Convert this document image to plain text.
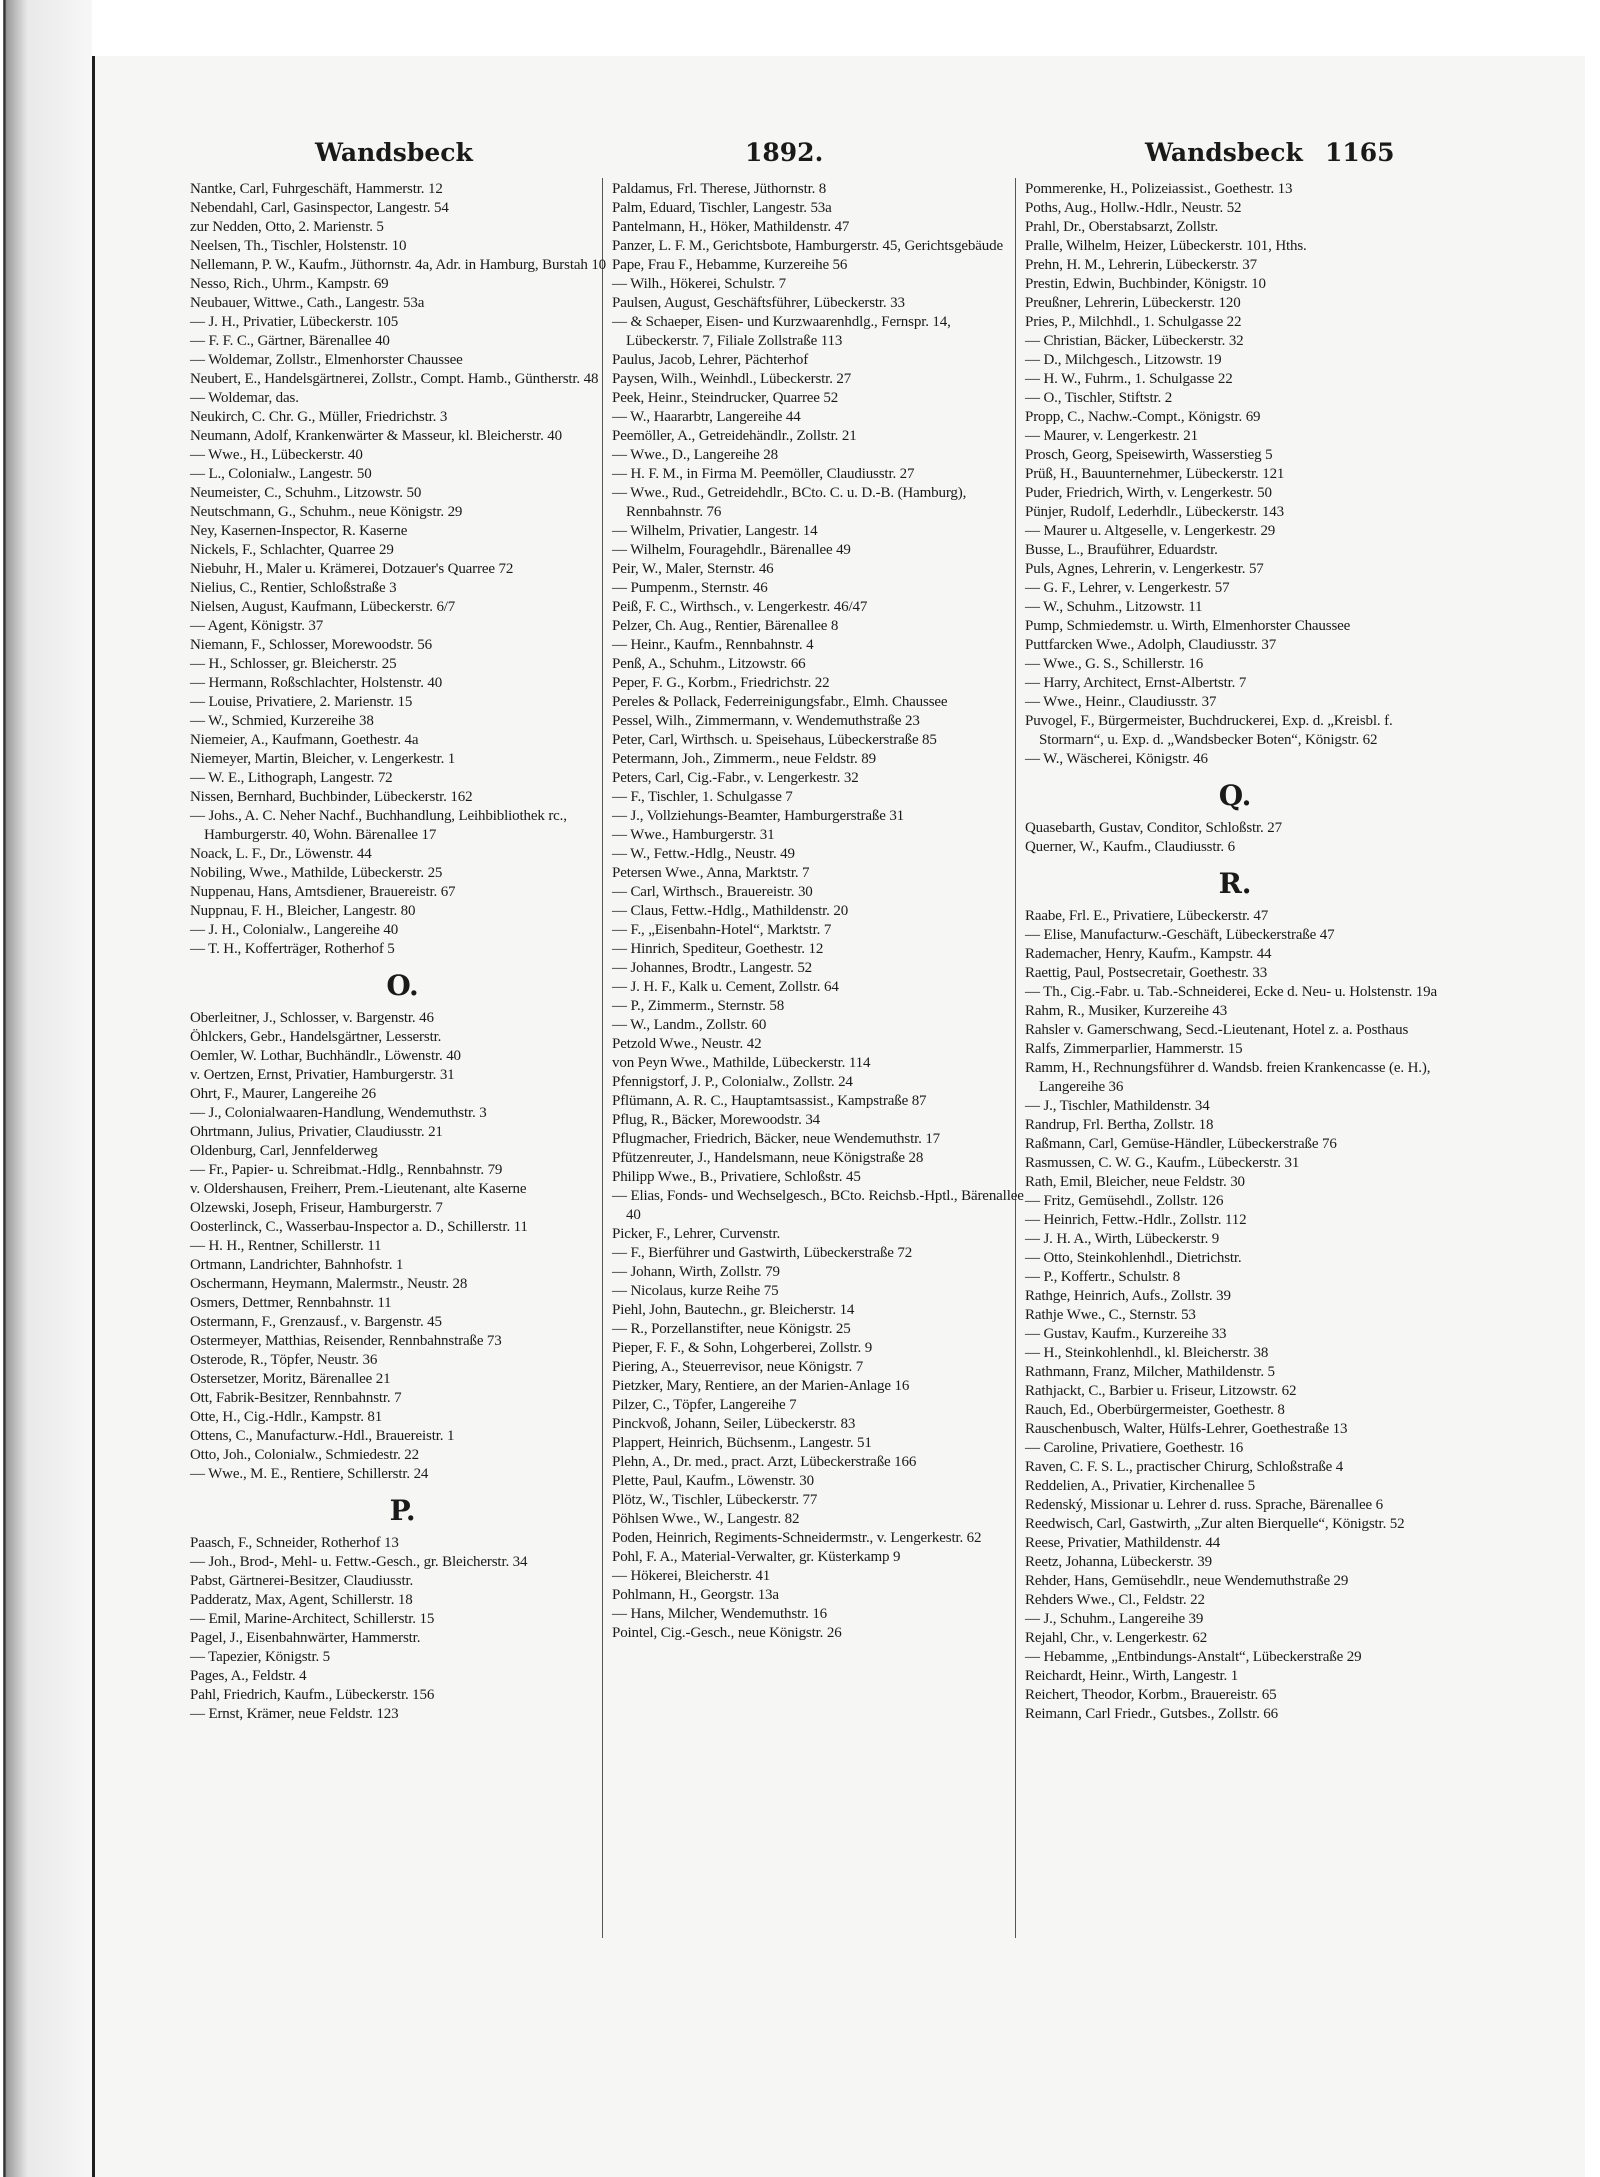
Wandsbeck	1892.	Wandsbeck 1165
Nantke, Carl, Fuhrgeschäft, Hammerstr. 12
Nebendahl, Carl, Gasinspector, Langestr. 54
zur Nedden, Otto, 2. Marienstr. 5
Neelsen, Th., Tischler, Holstenstr. 10
Nellemann, P. W., Kaufm., Jüthornstr. 4a, Adr. in Hamburg, Burstah 10
Nesso, Rich., Uhrm., Kampstr. 69
Neubauer, Wittwe., Cath., Langestr. 53a
— J. H., Privatier, Lübeckerstr. 105
— F. F. C., Gärtner, Bärenallee 40
— Woldemar, Zollstr., Elmenhorster Chaussee
Neubert, E., Handelsgärtnerei, Zollstr., Compt. Hamb., Güntherstr. 48
— Woldemar, das.
Neukirch, C. Chr. G., Müller, Friedrichstr. 3
Neumann, Adolf, Krankenwärter & Masseur, kl. Bleicherstr. 40
— Wwe., H., Lübeckerstr. 40
— L., Colonialw., Langestr. 50
Neumeister, C., Schuhm., Litzowstr. 50
Neutschmann, G., Schuhm., neue Königstr. 29
Ney, Kasernen-Inspector, R. Kaserne
Nickels, F., Schlachter, Quarree 29
Niebuhr, H., Maler u. Krämerei, Dotzauer's Quarree 72
Nielius, C., Rentier, Schloßstraße 3
Nielsen, August, Kaufmann, Lübeckerstr. 6/7
— Agent, Königstr. 37
Niemann, F., Schlosser, Morewoodstr. 56
— H., Schlosser, gr. Bleicherstr. 25
— Hermann, Roßschlachter, Holstenstr. 40
— Louise, Privatiere, 2. Marienstr. 15
— W., Schmied, Kurzereihe 38
Niemeier, A., Kaufmann, Goethestr. 4a
Niemeyer, Martin, Bleicher, v. Lengerkestr. 1
— W. E., Lithograph, Langestr. 72
Nissen, Bernhard, Buchbinder, Lübeckerstr. 162
— Johs., A. C. Neher Nachf., Buchhandlung, Leihbibliothek rc., Hamburgerstr. 40, Wohn. Bärenallee 17
Noack, L. F., Dr., Löwenstr. 44
Nobiling, Wwe., Mathilde, Lübeckerstr. 25
Nuppenau, Hans, Amtsdiener, Brauereistr. 67
Nuppnau, F. H., Bleicher, Langestr. 80
— J. H., Colonialw., Langereihe 40
— T. H., Kofferträger, Rotherhof 5
O.
Oberleitner, J., Schlosser, v. Bargenstr. 46
Öhlckers, Gebr., Handelsgärtner, Lesserstr.
Oemler, W. Lothar, Buchhändlr., Löwenstr. 40
v. Oertzen, Ernst, Privatier, Hamburgerstr. 31
Ohrt, F., Maurer, Langereihe 26
— J., Colonialwaaren-Handlung, Wendemuthstr. 3
Ohrtmann, Julius, Privatier, Claudiusstr. 21
Oldenburg, Carl, Jennfelderweg
— Fr., Papier- u. Schreibmat.-Hdlg., Rennbahnstr. 79
v. Oldershausen, Freiherr, Prem.-Lieutenant, alte Kaserne
Olzewski, Joseph, Friseur, Hamburgerstr. 7
Oosterlinck, C., Wasserbau-Inspector a. D., Schillerstr. 11
— H. H., Rentner, Schillerstr. 11
Ortmann, Landrichter, Bahnhofstr. 1
Oschermann, Heymann, Malermstr., Neustr. 28
Osmers, Dettmer, Rennbahnstr. 11
Ostermann, F., Grenzausf., v. Bargenstr. 45
Ostermeyer, Matthias, Reisender, Rennbahnstraße 73
Osterode, R., Töpfer, Neustr. 36
Ostersetzer, Moritz, Bärenallee 21
Ott, Fabrik-Besitzer, Rennbahnstr. 7
Otte, H., Cig.-Hdlr., Kampstr. 81
Ottens, C., Manufacturw.-Hdl., Brauereistr. 1
Otto, Joh., Colonialw., Schmiedestr. 22
— Wwe., M. E., Rentiere, Schillerstr. 24
P.
Paasch, F., Schneider, Rotherhof 13
— Joh., Brod-, Mehl- u. Fettw.-Gesch., gr. Bleicherstr. 34
Pabst, Gärtnerei-Besitzer, Claudiusstr.
Padderatz, Max, Agent, Schillerstr. 18
— Emil, Marine-Architect, Schillerstr. 15
Pagel, J., Eisenbahnwärter, Hammerstr.
— Tapezier, Königstr. 5
Pages, A., Feldstr. 4
Pahl, Friedrich, Kaufm., Lübeckerstr. 156
— Ernst, Krämer, neue Feldstr. 123
Paldamus, Frl. Therese, Jüthornstr. 8
Palm, Eduard, Tischler, Langestr. 53a
Pantelmann, H., Höker, Mathildenstr. 47
Panzer, L. F. M., Gerichtsbote, Hamburgerstr. 45, Gerichtsgebäude
Pape, Frau F., Hebamme, Kurzereihe 56
— Wilh., Hökerei, Schulstr. 7
Paulsen, August, Geschäftsführer, Lübeckerstr. 33
— & Schaeper, Eisen- und Kurzwaarenhdlg., Fernspr. 14, Lübeckerstr. 7, Filiale Zollstraße 113
Paulus, Jacob, Lehrer, Pächterhof
Paysen, Wilh., Weinhdl., Lübeckerstr. 27
Peek, Heinr., Steindrucker, Quarree 52
— W., Haararbtr, Langereihe 44
Peemöller, A., Getreidehändlr., Zollstr. 21
— Wwe., D., Langereihe 28
— H. F. M., in Firma M. Peemöller, Claudiusstr. 27
— Wwe., Rud., Getreidehdlr., BCto. C. u. D.-B. (Hamburg), Rennbahnstr. 76
— Wilhelm, Privatier, Langestr. 14
— Wilhelm, Fouragehdlr., Bärenallee 49
Peir, W., Maler, Sternstr. 46
— Pumpenm., Sternstr. 46
Peiß, F. C., Wirthsch., v. Lengerkestr. 46/47
Pelzer, Ch. Aug., Rentier, Bärenallee 8
— Heinr., Kaufm., Rennbahnstr. 4
Penß, A., Schuhm., Litzowstr. 66
Peper, F. G., Korbm., Friedrichstr. 22
Pereles & Pollack, Federreinigungsfabr., Elmh. Chaussee
Pessel, Wilh., Zimmermann, v. Wendemuthstraße 23
Peter, Carl, Wirthsch. u. Speisehaus, Lübeckerstraße 85
Petermann, Joh., Zimmerm., neue Feldstr. 89
Peters, Carl, Cig.-Fabr., v. Lengerkestr. 32
— F., Tischler, 1. Schulgasse 7
— J., Vollziehungs-Beamter, Hamburgerstraße 31
— Wwe., Hamburgerstr. 31
— W., Fettw.-Hdlg., Neustr. 49
Petersen Wwe., Anna, Marktstr. 7
— Carl, Wirthsch., Brauereistr. 30
— Claus, Fettw.-Hdlg., Mathildenstr. 20
— F., „Eisenbahn-Hotel“, Marktstr. 7
— Hinrich, Spediteur, Goethestr. 12
— Johannes, Brodtr., Langestr. 52
— J. H. F., Kalk u. Cement, Zollstr. 64
— P., Zimmerm., Sternstr. 58
— W., Landm., Zollstr. 60
Petzold Wwe., Neustr. 42
von Peyn Wwe., Mathilde, Lübeckerstr. 114
Pfennigstorf, J. P., Colonialw., Zollstr. 24
Pflümann, A. R. C., Hauptamtsassist., Kampstraße 87
Pflug, R., Bäcker, Morewoodstr. 34
Pflugmacher, Friedrich, Bäcker, neue Wendemuthstr. 17
Pfützenreuter, J., Handelsmann, neue Königstraße 28
Philipp Wwe., B., Privatiere, Schloßstr. 45
— Elias, Fonds- und Wechselgesch., BCto. Reichsb.-Hptl., Bärenallee 40
Picker, F., Lehrer, Curvenstr.
— F., Bierführer und Gastwirth, Lübeckerstraße 72
— Johann, Wirth, Zollstr. 79
— Nicolaus, kurze Reihe 75
Piehl, John, Bautechn., gr. Bleicherstr. 14
— R., Porzellanstifter, neue Königstr. 25
Pieper, F. F., & Sohn, Lohgerberei, Zollstr. 9
Piering, A., Steuerrevisor, neue Königstr. 7
Pietzker, Mary, Rentiere, an der Marien-Anlage 16
Pilzer, C., Töpfer, Langereihe 7
Pinckvoß, Johann, Seiler, Lübeckerstr. 83
Plappert, Heinrich, Büchsenm., Langestr. 51
Plehn, A., Dr. med., pract. Arzt, Lübeckerstraße 166
Plette, Paul, Kaufm., Löwenstr. 30
Plötz, W., Tischler, Lübeckerstr. 77
Pöhlsen Wwe., W., Langestr. 82
Poden, Heinrich, Regiments-Schneidermstr., v. Lengerkestr. 62
Pohl, F. A., Material-Verwalter, gr. Küsterkamp 9
— Hökerei, Bleicherstr. 41
Pohlmann, H., Georgstr. 13a
— Hans, Milcher, Wendemuthstr. 16
Pointel, Cig.-Gesch., neue Königstr. 26
Pommerenke, H., Polizeiassist., Goethestr. 13
Poths, Aug., Hollw.-Hdlr., Neustr. 52
Prahl, Dr., Oberstabsarzt, Zollstr.
Pralle, Wilhelm, Heizer, Lübeckerstr. 101, Hths.
Prehn, H. M., Lehrerin, Lübeckerstr. 37
Prestin, Edwin, Buchbinder, Königstr. 10
Preußner, Lehrerin, Lübeckerstr. 120
Pries, P., Milchhdl., 1. Schulgasse 22
— Christian, Bäcker, Lübeckerstr. 32
— D., Milchgesch., Litzowstr. 19
— H. W., Fuhrm., 1. Schulgasse 22
— O., Tischler, Stiftstr. 2
Propp, C., Nachw.-Compt., Königstr. 69
— Maurer, v. Lengerkestr. 21
Prosch, Georg, Speisewirth, Wasserstieg 5
Prüß, H., Bauunternehmer, Lübeckerstr. 121
Puder, Friedrich, Wirth, v. Lengerkestr. 50
Pünjer, Rudolf, Lederhdlr., Lübeckerstr. 143
— Maurer u. Altgeselle, v. Lengerkestr. 29
Busse, L., Brauführer, Eduardstr.
Puls, Agnes, Lehrerin, v. Lengerkestr. 57
— G. F., Lehrer, v. Lengerkestr. 57
— W., Schuhm., Litzowstr. 11
Pump, Schmiedemstr. u. Wirth, Elmenhorster Chaussee
Puttfarcken Wwe., Adolph, Claudiusstr. 37
— Wwe., G. S., Schillerstr. 16
— Harry, Architect, Ernst-Albertstr. 7
— Wwe., Heinr., Claudiusstr. 37
Puvogel, F., Bürgermeister, Buchdruckerei, Exp. d. „Kreisbl. f. Stormarn“, u. Exp. d. „Wandsbecker Boten“, Königstr. 62
— W., Wäscherei, Königstr. 46
Q.
Quasebarth, Gustav, Conditor, Schloßstr. 27
Querner, W., Kaufm., Claudiusstr. 6
R.
Raabe, Frl. E., Privatiere, Lübeckerstr. 47
— Elise, Manufacturw.-Geschäft, Lübeckerstraße 47
Rademacher, Henry, Kaufm., Kampstr. 44
Raettig, Paul, Postsecretair, Goethestr. 33
— Th., Cig.-Fabr. u. Tab.-Schneiderei, Ecke d. Neu- u. Holstenstr. 19a
Rahm, R., Musiker, Kurzereihe 43
Rahsler v. Gamerschwang, Secd.-Lieutenant, Hotel z. a. Posthaus
Ralfs, Zimmerparlier, Hammerstr. 15
Ramm, H., Rechnungsführer d. Wandsb. freien Krankencasse (e. H.), Langereihe 36
— J., Tischler, Mathildenstr. 34
Randrup, Frl. Bertha, Zollstr. 18
Raßmann, Carl, Gemüse-Händler, Lübeckerstraße 76
Rasmussen, C. W. G., Kaufm., Lübeckerstr. 31
Rath, Emil, Bleicher, neue Feldstr. 30
— Fritz, Gemüsehdl., Zollstr. 126
— Heinrich, Fettw.-Hdlr., Zollstr. 112
— J. H. A., Wirth, Lübeckerstr. 9
— Otto, Steinkohlenhdl., Dietrichstr.
— P., Koffertr., Schulstr. 8
Rathge, Heinrich, Aufs., Zollstr. 39
Rathje Wwe., C., Sternstr. 53
— Gustav, Kaufm., Kurzereihe 33
— H., Steinkohlenhdl., kl. Bleicherstr. 38
Rathmann, Franz, Milcher, Mathildenstr. 5
Rathjackt, C., Barbier u. Friseur, Litzowstr. 62
Rauch, Ed., Oberbürgermeister, Goethestr. 8
Rauschenbusch, Walter, Hülfs-Lehrer, Goethestraße 13
— Caroline, Privatiere, Goethestr. 16
Raven, C. F. S. L., practischer Chirurg, Schloßstraße 4
Reddelien, A., Privatier, Kirchenallee 5
Redenský, Missionar u. Lehrer d. russ. Sprache, Bärenallee 6
Reedwisch, Carl, Gastwirth, „Zur alten Bierquelle“, Königstr. 52
Reese, Privatier, Mathildenstr. 44
Reetz, Johanna, Lübeckerstr. 39
Rehder, Hans, Gemüsehdlr., neue Wendemuthstraße 29
Rehders Wwe., Cl., Feldstr. 22
— J., Schuhm., Langereihe 39
Rejahl, Chr., v. Lengerkestr. 62
— Hebamme, „Entbindungs-Anstalt“, Lübeckerstraße 29
Reichardt, Heinr., Wirth, Langestr. 1
Reichert, Theodor, Korbm., Brauereistr. 65
Reimann, Carl Friedr., Gutsbes., Zollstr. 66
